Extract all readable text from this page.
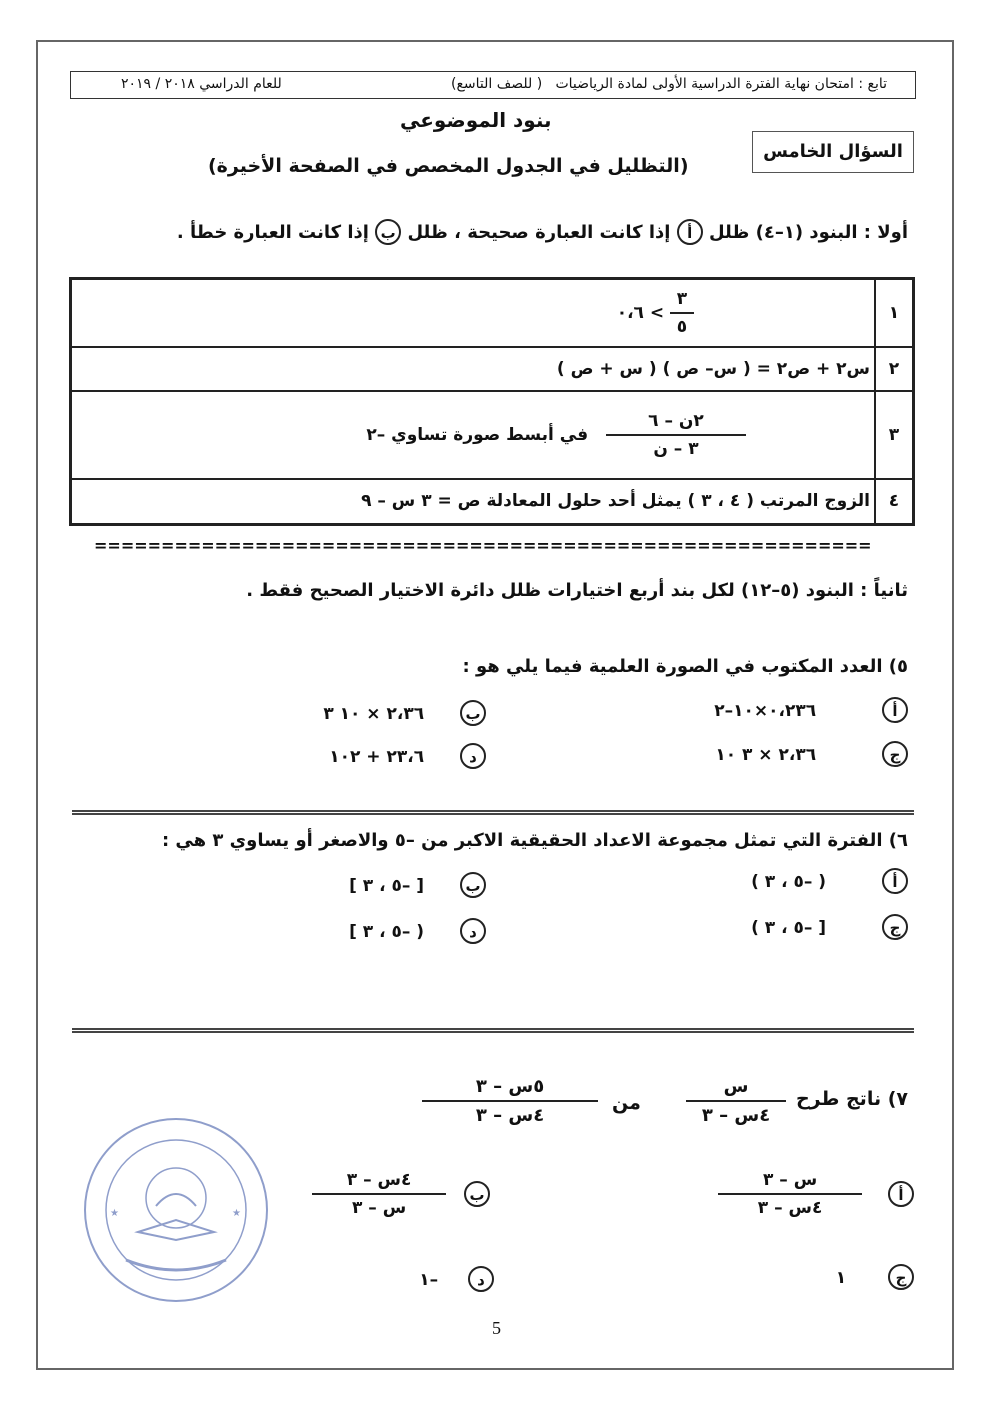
تابع : امتحان نهاية الفترة الدراسية الأولى لمادة الرياضيات
( للصف التاسع)
للعام الدراسي ٢٠١٨ / ٢٠١٩
بنود الموضوعي
(التظليل في الجدول المخصص في الصفحة الأخيرة)
السؤال الخامس
أولا : البنود (١–٤) ظلل أ إذا كانت العبارة صحيحة ، ظلل ب إذا كانت العبارة خطأ .
$\frac{٣}{٥}$
> ٠،٦	١
س٢ + ص٢ = ( س– ص ) ( س + ص )	٢

$\frac{\text{٢ن – ٦}}{\text{٣ – ن}}$
في أبسط صورة تساوي –٢	٣
الزوج المرتب ( ٤ ، ٣ ) يمثل أحد حلول المعادلة ص = ٣ س – ٩	٤
==========================================================
ثانياً : البنود (٥–١٢) لكل بند أربع اختيارات ظلل دائرة الاختيار الصحيح فقط .
٥) العدد المكتوب في الصورة العلمية فيما يلي هو :
أ ٠،٢٣٦×١٠–٢
ب ٢،٣٦ × ١٠ ٣
ج ٢،٣٦ × ٣ ١٠
د ٢٣،٦ + ١٠٢
٦) الفترة التي تمثل مجموعة الاعداد الحقيقية الاكبر من –٥ والاصغر أو يساوي ٣ هي :
أ ( –٥ ، ٣ )
ب [ –٥ ، ٣ ]
ج [ –٥ ، ٣ )
د ( –٥ ، ٣ ]
٧) ناتج طرح
$\frac{\text{س}}{\text{٤س – ٣}}$
من
$\frac{\text{٥س – ٣}}{\text{٤س – ٣}}$
أ
$\frac{\text{س – ٣}}{\text{٤س – ٣}}$
ب
$\frac{\text{٤س – ٣}}{\text{س – ٣}}$
ج ١
د –١
★	★
5
